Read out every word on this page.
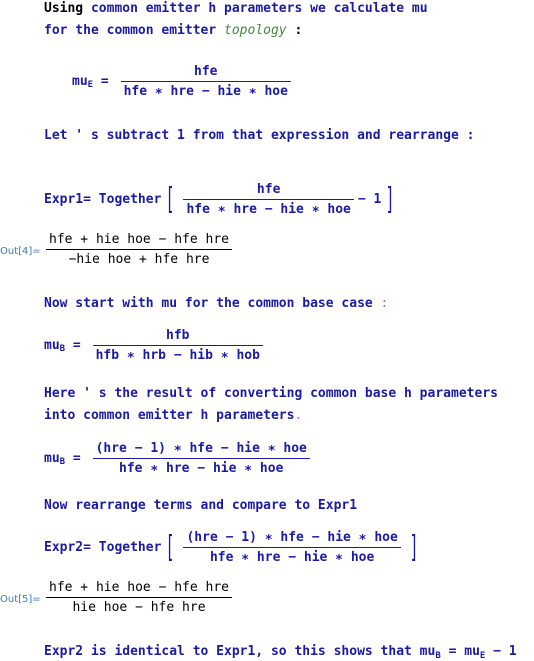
Using common emitter h parameters we calculate mu
for the common emitter topology :
mu $E = \frac{\text{hfe}}{\text{hfe ∗ hre − hie ∗ hoe}}$
Let ' s subtract 1 from that expression and rearrange :
Expr1 = Together [ $\frac{\text{hfe}}{\text{hfe ∗ hre − hie ∗ hoe}} - 1$ ]
$Out[4]= \frac{\text{hfe + hie hoe − hfe hre}}{\text{−hie hoe + hfe hre}}$
Now start with mu for the common base case :
mu $B = \frac{\text{hfb}}{\text{hfb ∗ hrb − hib ∗ hob}}$
Here ' s the result of converting common base h parameters
into common emitter h parameters.
mu $B = \frac{\text{(hre − 1) ∗ hfe − hie ∗ hoe}}{\text{hfe ∗ hre − hie ∗ hoe}}$
Now rearrange terms and compare to Expr1
Expr2 = Together [ $\frac{\text{(hre − 1) ∗ hfe − hie ∗ hoe}}{\text{hfe ∗ hre − hie ∗ hoe}}$ ]
$Out[5]= \frac{\text{hfe + hie hoe − hfe hre}}{\text{hie hoe − hfe hre}}$
Expr2 is identical to Expr1, so this shows that $mu_B = mu_E - 1$
